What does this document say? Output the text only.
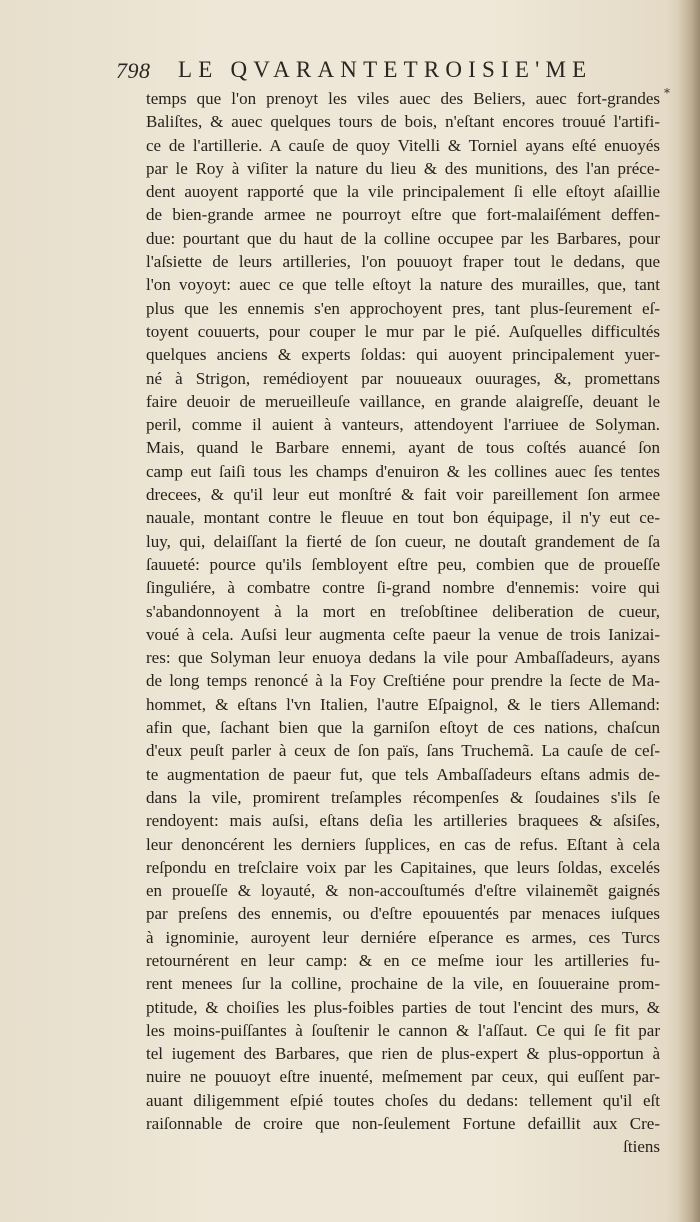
798 LE QVARANTETROISIE'ME
*
temps que l'on prenoyt les viles auec des Beliers, auec fort-grandes
Baliſtes, & auec quelques tours de bois, n'eſtant encores trouué l'artifi-
ce de l'artillerie. A cauſe de quoy Vitelli & Torniel ayans eſté enuoyés
par le Roy à viſiter la nature du lieu & des munitions, des l'an préce-
dent auoyent rapporté que la vile principalement ſi elle eſtoyt aſaillie
de bien-grande armee ne pourroyt eſtre que fort-malaiſément deffen-
due: pourtant que du haut de la colline occupee par les Barbares, pour
l'aſsiette de leurs artilleries, l'on pouuoyt fraper tout le dedans, que
l'on voyoyt: auec ce que telle eſtoyt la nature des murailles, que, tant
plus que les ennemis s'en approchoyent pres, tant plus-ſeurement eſ-
toyent couuerts, pour couper le mur par le pié. Auſquelles difficultés
quelques anciens & experts ſoldas: qui auoyent principalement yuer-
né à Strigon, remédioyent par nouueaux ouurages, &, promettans
faire deuoir de merueilleuſe vaillance, en grande alaigreſſe, deuant le
peril, comme il auient à vanteurs, attendoyent l'arriuee de Solyman.
Mais, quand le Barbare ennemi, ayant de tous coſtés auancé ſon
camp eut ſaiſi tous les champs d'enuiron & les collines auec ſes tentes
drecees, & qu'il leur eut monſtré & fait voir pareillement ſon armee
nauale, montant contre le fleuue en tout bon équipage, il n'y eut ce-
luy, qui, delaiſſant la fierté de ſon cueur, ne doutaſt grandement de ſa
ſauueté: pource qu'ils ſembloyent eſtre peu, combien que de proueſſe
ſinguliére, à combatre contre ſi-grand nombre d'ennemis: voire qui
s'abandonnoyent à la mort en treſobſtinee deliberation de cueur,
voué à cela. Auſsi leur augmenta ceſte paeur la venue de trois Ianizai-
res: que Solyman leur enuoya dedans la vile pour Ambaſſadeurs, ayans
de long temps renoncé à la Foy Creſtiéne pour prendre la ſecte de Ma-
hommet, & eſtans l'vn Italien, l'autre Eſpaignol, & le tiers Allemand:
afin que, ſachant bien que la garniſon eſtoyt de ces nations, chaſcun
d'eux peuſt parler à ceux de ſon païs, ſans Truchemã. La cauſe de ceſ-
te augmentation de paeur fut, que tels Ambaſſadeurs eſtans admis de-
dans la vile, promirent treſamples récompenſes & ſoudaines s'ils ſe
rendoyent: mais auſsi, eſtans deſia les artilleries braquees & aſsiſes,
leur denoncérent les derniers ſupplices, en cas de refus. Eſtant à cela
reſpondu en treſclaire voix par les Capitaines, que leurs ſoldas, excelés
en proueſſe & loyauté, & non-accouſtumés d'eſtre vilainemẽt gaignés
par preſens des ennemis, ou d'eſtre epouuentés par menaces iuſques
à ignominie, auroyent leur derniére eſperance es armes, ces Turcs
retournérent en leur camp: & en ce meſme iour les artilleries fu-
rent menees ſur la colline, prochaine de la vile, en ſouueraine prom-
ptitude, & choiſies les plus-foibles parties de tout l'encint des murs, &
les moins-puiſſantes à ſouſtenir le cannon & l'aſſaut. Ce qui ſe fit par
tel iugement des Barbares, que rien de plus-expert & plus-opportun à
nuire ne pouuoyt eſtre inuenté, meſmement par ceux, qui euſſent par-
auant diligemment eſpié toutes choſes du dedans: tellement qu'il eſt
raiſonnable de croire que non-ſeulement Fortune defaillit aux Cre-
ſtiens
